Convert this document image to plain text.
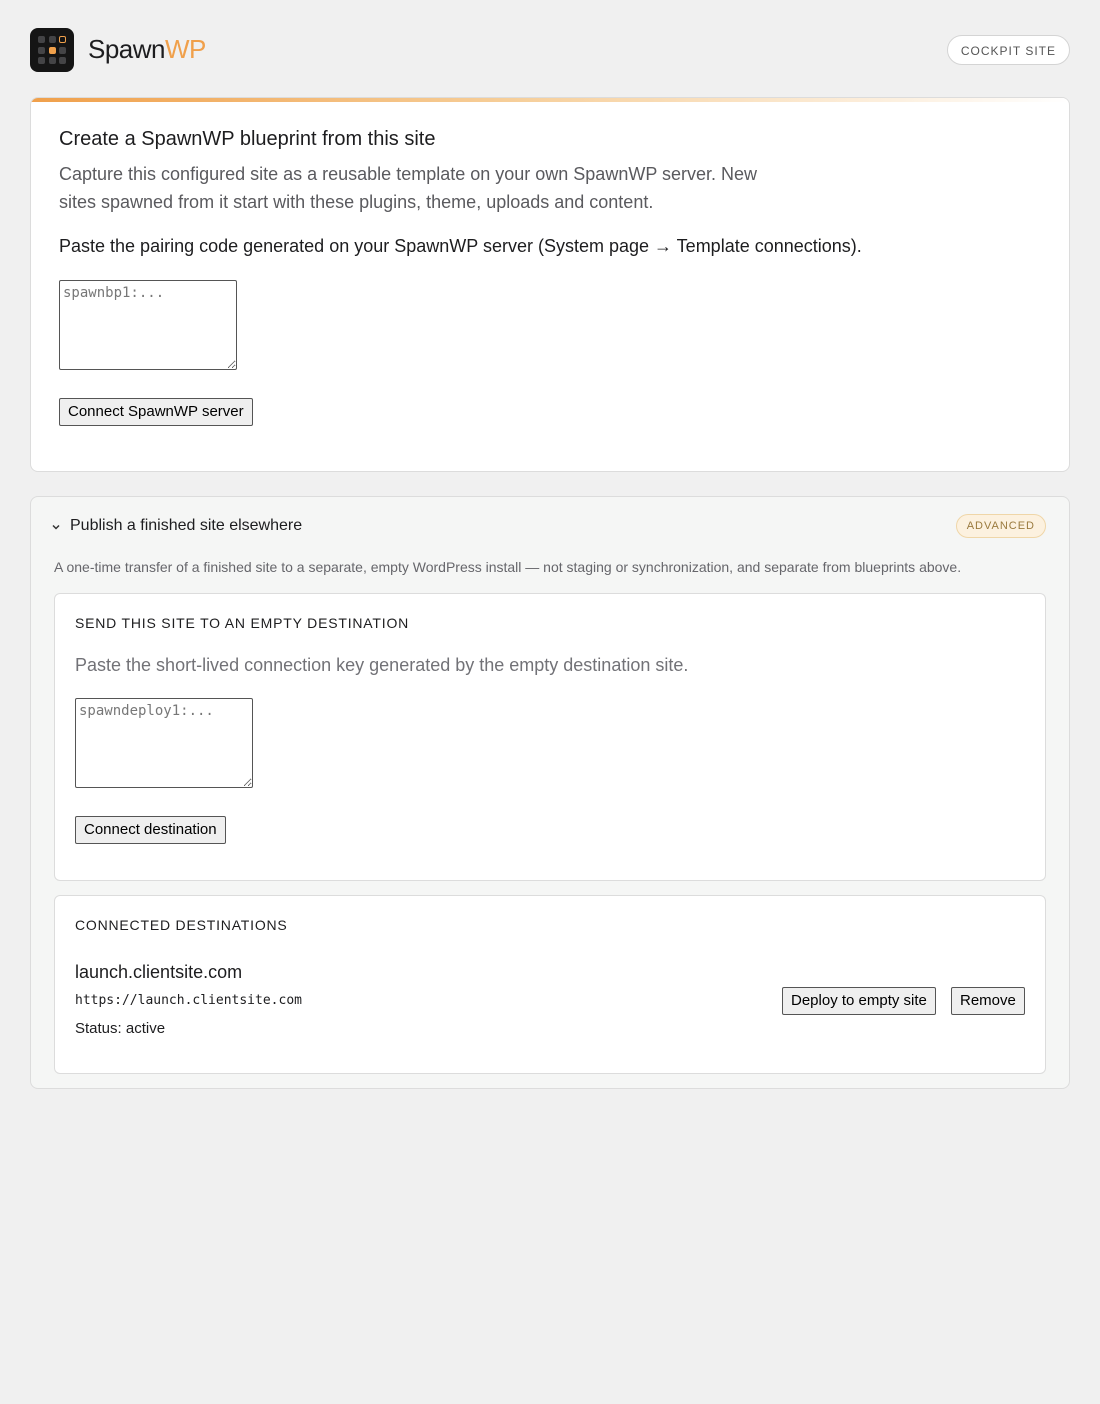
SpawnWP	COCKPIT SITE
Create a SpawnWP blueprint from this site
Capture this configured site as a reusable template on your own SpawnWP server. New sites spawned from it start with these plugins, theme, uploads and content.
Paste the pairing code generated on your SpawnWP server (System page → Template connections).
spawnbp1:...
Connect SpawnWP server
Publish a finished site elsewhere	ADVANCED
A one-time transfer of a finished site to a separate, empty WordPress install — not staging or synchronization, and separate from blueprints above.
SEND THIS SITE TO AN EMPTY DESTINATION
Paste the short-lived connection key generated by the empty destination site.
spawndeploy1:...
Connect destination
CONNECTED DESTINATIONS
launch.clientsite.com
https://launch.clientsite.com
Status: active
Deploy to empty site	Remove
